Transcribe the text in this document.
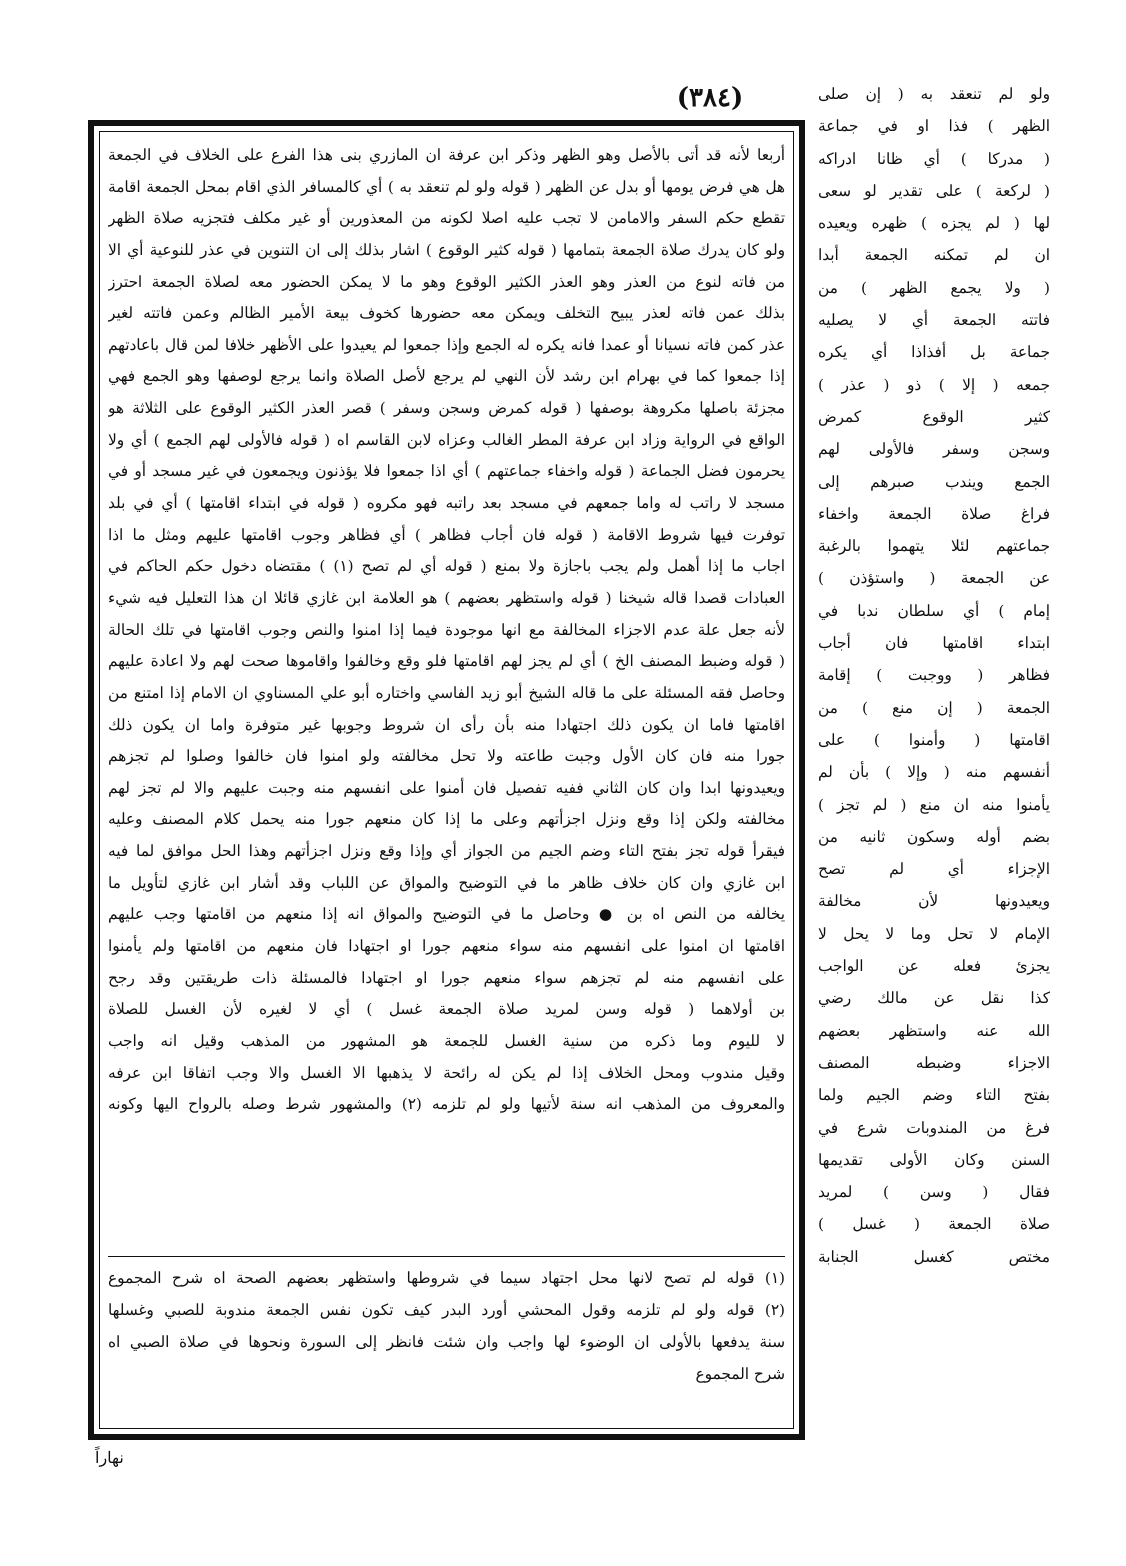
(٣٨٤)
أربعا لأنه قد أتى بالأصل وهو الظهر وذكر ابن عرفة ان المازري بنى هذا الفرع على الخلاف في الجمعة
هل هي فرض يومها أو بدل عن الظهر ( قوله ولو لم تنعقد به ) أي كالمسافر الذي اقام بمحل الجمعة اقامة
تقطع حكم السفر والامامن لا تجب عليه اصلا لكونه من المعذورين أو غير مكلف فتجزيه صلاة الظهر
ولو كان يدرك صلاة الجمعة بتمامها ( قوله كثير الوقوع ) اشار بذلك إلى ان التنوين في عذر للنوعية أي الا
من فاته لنوع من العذر وهو العذر الكثير الوقوع وهو ما لا يمكن الحضور معه لصلاة الجمعة احترز
بذلك عمن فاته لعذر يبيح التخلف ويمكن معه حضورها كخوف بيعة الأمير الظالم وعمن فاتته لغير
عذر كمن فاته نسيانا أو عمدا فانه يكره له الجمع وإذا جمعوا لم يعيدوا على الأظهر خلافا لمن قال باعادتهم
إذا جمعوا كما في بهرام ابن رشد لأن النهي لم يرجع لأصل الصلاة وانما يرجع لوصفها وهو الجمع فهي
مجزئة باصلها مكروهة بوصفها ( قوله كمرض وسجن وسفر ) قصر العذر الكثير الوقوع على الثلاثة هو
الواقع في الرواية وزاد ابن عرفة المطر الغالب وعزاه لابن القاسم اه ( قوله فالأولى لهم الجمع ) أي ولا
يحرمون فضل الجماعة ( قوله واخفاء جماعتهم ) أي اذا جمعوا فلا يؤذنون ويجمعون في غير مسجد أو في
مسجد لا راتب له واما جمعهم في مسجد بعد راتبه فهو مكروه ( قوله في ابتداء اقامتها ) أي في بلد
توفرت فيها شروط الاقامة ( قوله فان أجاب فظاهر ) أي فظاهر وجوب اقامتها عليهم ومثل ما اذا
اجاب ما إذا أهمل ولم يجب باجازة ولا بمنع ( قوله أي لم تصح (١) ) مقتضاه دخول حكم الحاكم في
العبادات قصدا قاله شيخنا ( قوله واستظهر بعضهم ) هو العلامة ابن غازي قائلا ان هذا التعليل فيه شيء
لأنه جعل علة عدم الاجزاء المخالفة مع انها موجودة فيما إذا امنوا والنص وجوب اقامتها في تلك الحالة
( قوله وضبط المصنف الخ ) أي لم يجز لهم اقامتها فلو وقع وخالفوا واقاموها صحت لهم ولا اعادة عليهم
وحاصل فقه المسئلة على ما قاله الشيخ أبو زيد الفاسي واختاره أبو علي المسناوي ان الامام إذا امتنع من
اقامتها فاما ان يكون ذلك اجتهادا منه بأن رأى ان شروط وجوبها غير متوفرة واما ان يكون ذلك
جورا منه فان كان الأول وجبت طاعته ولا تحل مخالفته ولو امنوا فان خالفوا وصلوا لم تجزهم
ويعيدونها ابدا وان كان الثاني ففيه تفصيل فان أمنوا على انفسهم منه وجبت عليهم والا لم تجز لهم
مخالفته ولكن إذا وقع ونزل اجزأتهم وعلى ما إذا كان منعهم جورا منه يحمل كلام المصنف وعليه
فيقرأ قوله تجز بفتح التاء وضم الجيم من الجواز أي وإذا وقع ونزل اجزأتهم وهذا الحل موافق لما فيه
ابن غازي وان كان خلاف ظاهر ما في التوضيح والمواق عن اللباب وقد أشار ابن غازي لتأويل ما
يخالفه من النص اه بن ● وحاصل ما في التوضيح والمواق انه إذا منعهم من اقامتها وجب عليهم
اقامتها ان امنوا على انفسهم منه سواء منعهم جورا او اجتهادا فان منعهم من اقامتها ولم يأمنوا
على انفسهم منه لم تجزهم سواء منعهم جورا او اجتهادا فالمسئلة ذات طريقتين وقد رجح
بن أولاهما ( قوله وسن لمريد صلاة الجمعة غسل ) أي لا لغيره لأن الغسل للصلاة
لا لليوم وما ذكره من سنية الغسل للجمعة هو المشهور من المذهب وقيل انه واجب
وقيل مندوب ومحل الخلاف إذا لم يكن له رائحة لا يذهبها الا الغسل والا وجب اتفاقا ابن عرفه
والمعروف من المذهب انه سنة لأتيها ولو لم تلزمه (٢) والمشهور شرط وصله بالرواح اليها وكونه
(١) قوله لم تصح لانها محل اجتهاد سيما في شروطها واستظهر بعضهم الصحة اه شرح المجموع
(٢) قوله ولو لم تلزمه وقول المحشي أورد البدر كيف تكون نفس الجمعة مندوبة للصبي وغسلها
سنة يدفعها بالأولى ان الوضوء لها واجب وان شئت فانظر إلى السورة ونحوها في صلاة الصبي اه
شرح المجموع
ولو لم تنعقد به ( إن صلى
الظهر ) فذا او في جماعة
( مدركا ) أي ظانا ادراكه
( لركعة ) على تقدير لو سعى
لها ( لم يجزه ) ظهره ويعيده
ان لم تمكنه الجمعة أبدا
( ولا يجمع الظهر ) من
فاتته الجمعة أي لا يصليه
جماعة بل أفذاذا أي يكره
جمعه ( إلا ) ذو ( عذر )
كثير الوقوع كمرض
وسجن وسفر فالأولى لهم
الجمع ويندب صبرهم إلى
فراغ صلاة الجمعة واخفاء
جماعتهم لئلا يتهموا بالرغبة
عن الجمعة ( واستؤذن )
إمام ) أي سلطان ندبا في
ابتداء اقامتها فان أجاب
فظاهر ( ووجبت ) إقامة
الجمعة ( إن منع ) من
اقامتها ( وأمنوا ) على
أنفسهم منه ( وإلا ) بأن لم
يأمنوا منه ان منع ( لم تجز )
بضم أوله وسكون ثانيه من
الإجزاء أي لم تصح
ويعيدونها لأن مخالفة
الإمام لا تحل وما لا يحل لا
يجزئ فعله عن الواجب
كذا نقل عن مالك رضي
الله عنه واستظهر بعضهم
الاجزاء وضبطه المصنف
بفتح التاء وضم الجيم ولما
فرغ من المندوبات شرع في
السنن وكان الأولى تقديمها
فقال ( وسن ) لمريد
صلاة الجمعة ( غسل )
مختص كغسل الجنابة
نهاراً
